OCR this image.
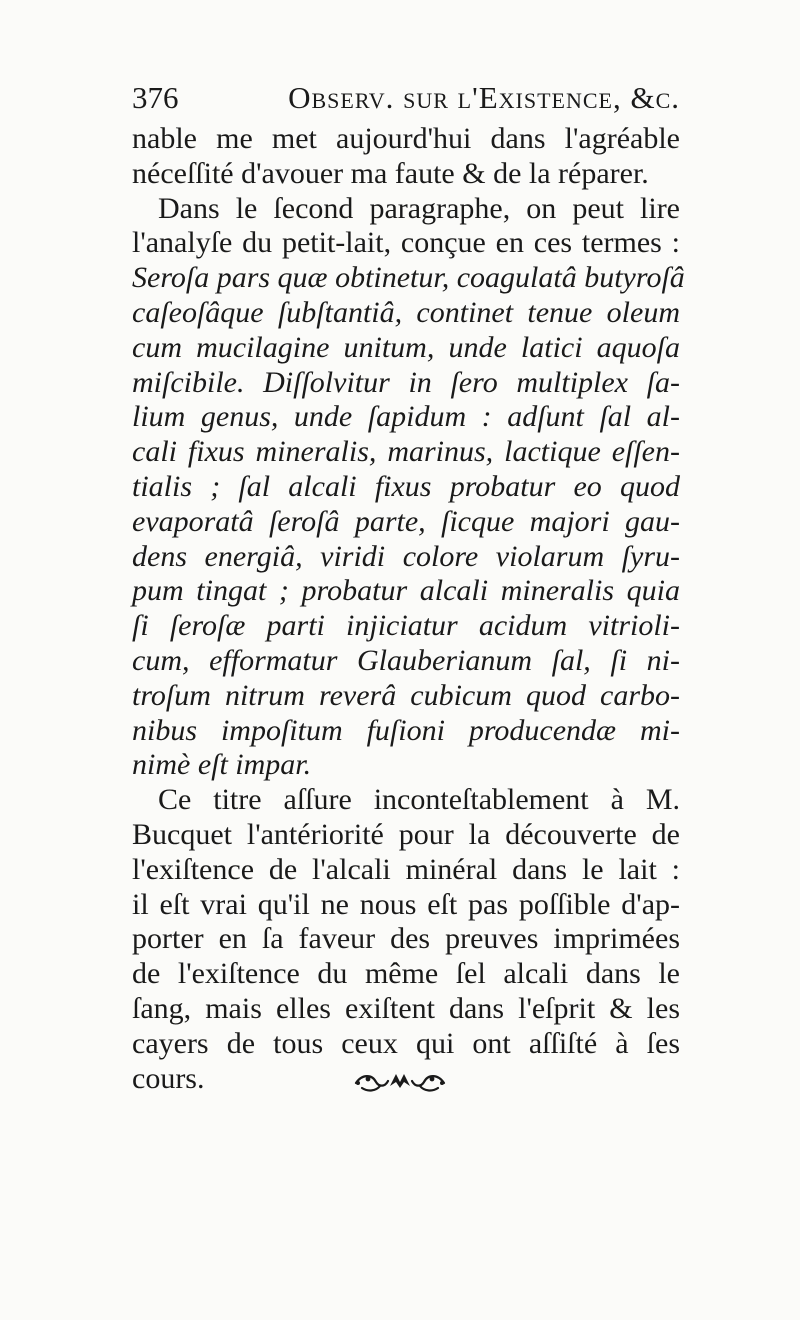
376	Observ. sur l'Existence, &c.
nable me met aujourd'hui dans l'agréable
néceſſité d'avouer ma faute & de la réparer.
Dans le ſecond paragraphe, on peut lire
l'analyſe du petit-lait, conçue en ces termes :
Seroſa pars quæ obtinetur, coagulatâ butyroſâ
caſeoſâque ſubſtantiâ, continet tenue oleum
cum mucilagine unitum, unde latici aquoſa
miſcibile. Diſſolvitur in ſero multiplex ſa-
lium genus, unde ſapidum : adſunt ſal al-
cali fixus mineralis, marinus, lactique eſſen-
tialis ; ſal alcali fixus probatur eo quod
evaporatâ ſeroſâ parte, ſicque majori gau-
dens energiâ, viridi colore violarum ſyru-
pum tingat ; probatur alcali mineralis quia
ſi ſeroſæ parti injiciatur acidum vitrioli-
cum, efformatur Glauberianum ſal, ſi ni-
troſum nitrum reverâ cubicum quod carbo-
nibus impoſitum fuſioni producendæ mi-
nimè eſt impar.
Ce titre aſſure inconteſtablement à M.
Bucquet l'antériorité pour la découverte de
l'exiſtence de l'alcali minéral dans le lait :
il eſt vrai qu'il ne nous eſt pas poſſible d'ap-
porter en ſa faveur des preuves imprimées
de l'exiſtence du même ſel alcali dans le
ſang, mais elles exiſtent dans l'eſprit & les
cayers de tous ceux qui ont aſſiſté à ſes
cours.
